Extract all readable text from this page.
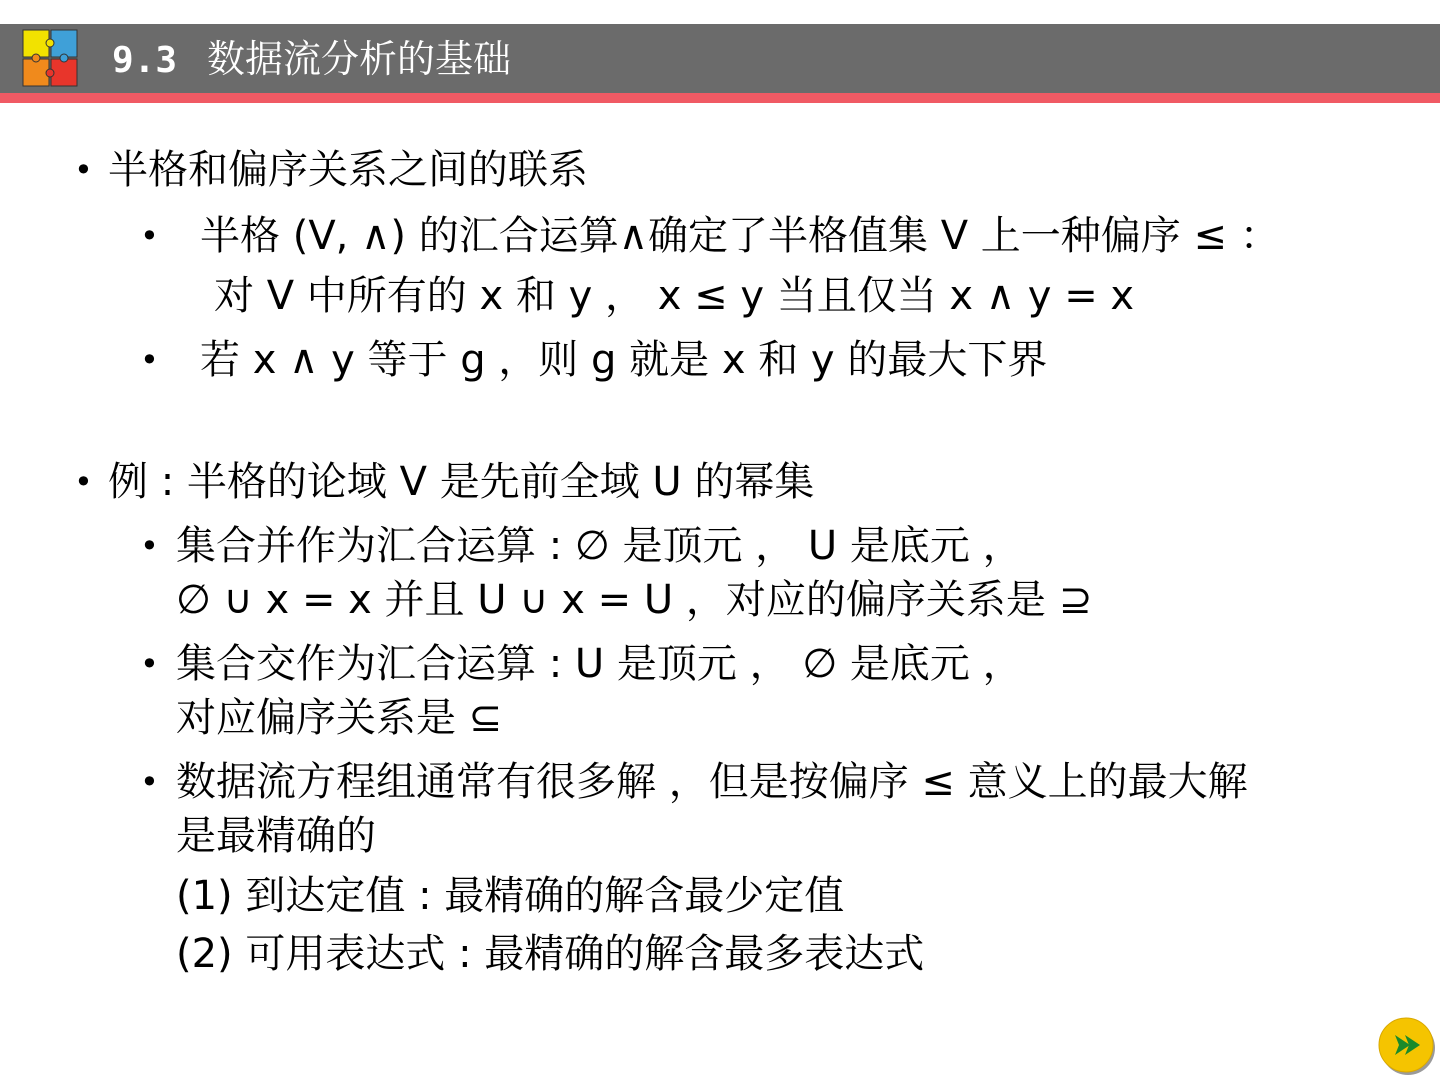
9.3 数据流分析的基础
• 半格和偏序关系之间的联系
• 半格 (V, ∧) 的汇合运算∧确定了半格值集 V 上一种偏序 ≤ ：
对 V 中所有的 x 和 y ， x ≤ y 当且仅当 x ∧ y = x
• 若 x ∧ y 等于 g ，则 g 就是 x 和 y 的最大下界
• 例 : 半格的论域 V 是先前全域 U 的幂集
• 集合并作为汇合运算 : ∅ 是顶元 ， U 是底元 ，
∅ ∪ x = x 并且 U ∪ x = U ，对应的偏序关系是 ⊇
• 集合交作为汇合运算 : U 是顶元 ， ∅ 是底元 ，
对应偏序关系是 ⊆
• 数据流方程组通常有很多解 ，但是按偏序 ≤ 意义上的最大解
是最精确的
(1) 到达定值 : 最精确的解含最少定值
(2) 可用表达式 : 最精确的解含最多表达式
